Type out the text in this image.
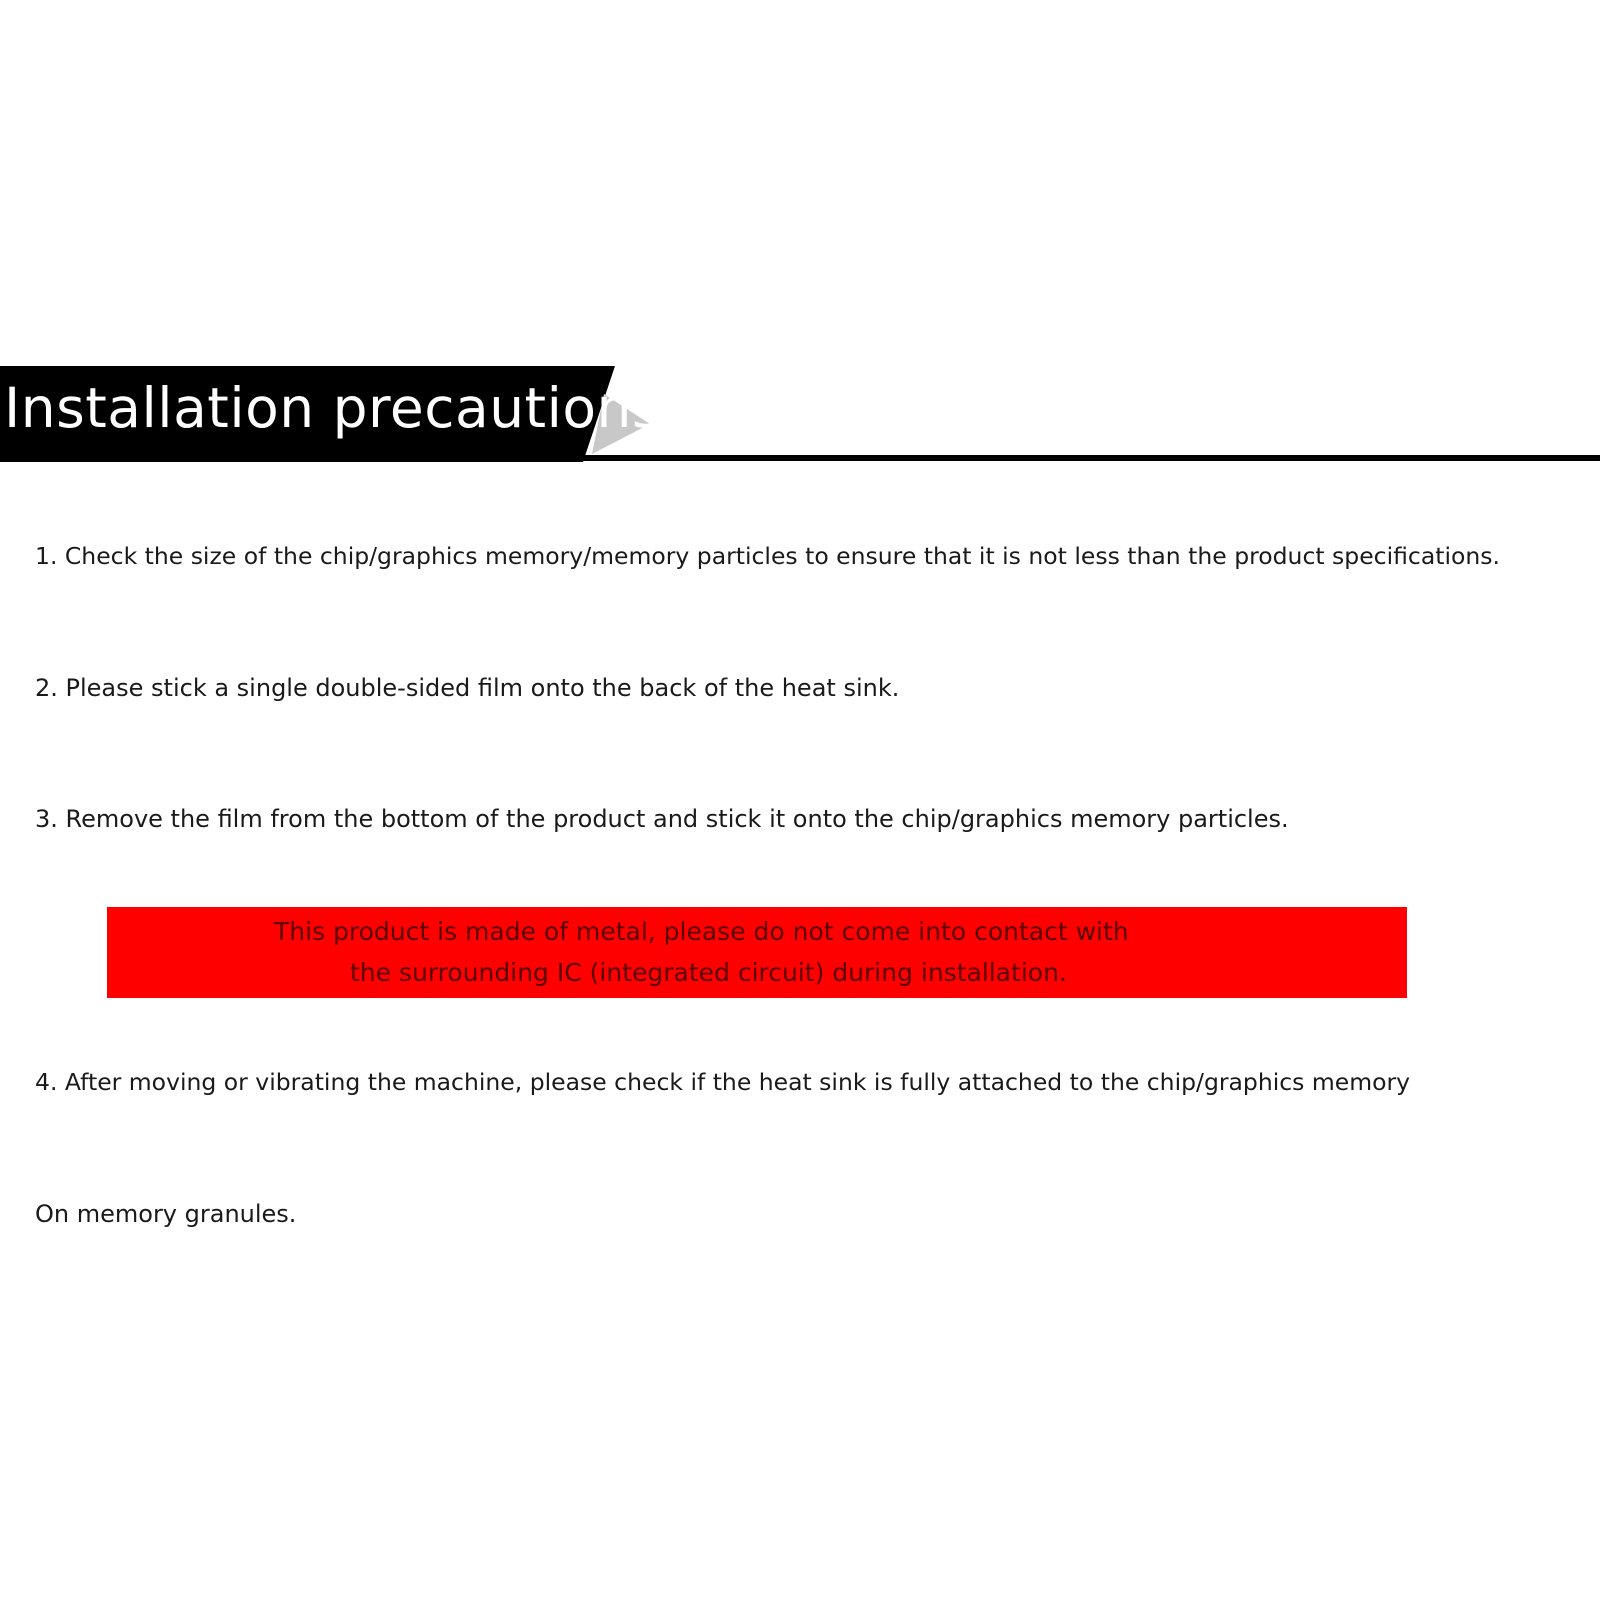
Installation precautions
1. Check the size of the chip/graphics memory/memory particles to ensure that it is not less than the product specifications.
2. Please stick a single double-sided film onto the back of the heat sink.
3. Remove the film from the bottom of the product and stick it onto the chip/graphics memory particles.
This product is made of metal, please do not come into contact with
the surrounding IC (integrated circuit) during installation.
4. After moving or vibrating the machine, please check if the heat sink is fully attached to the chip/graphics memory
On memory granules.
